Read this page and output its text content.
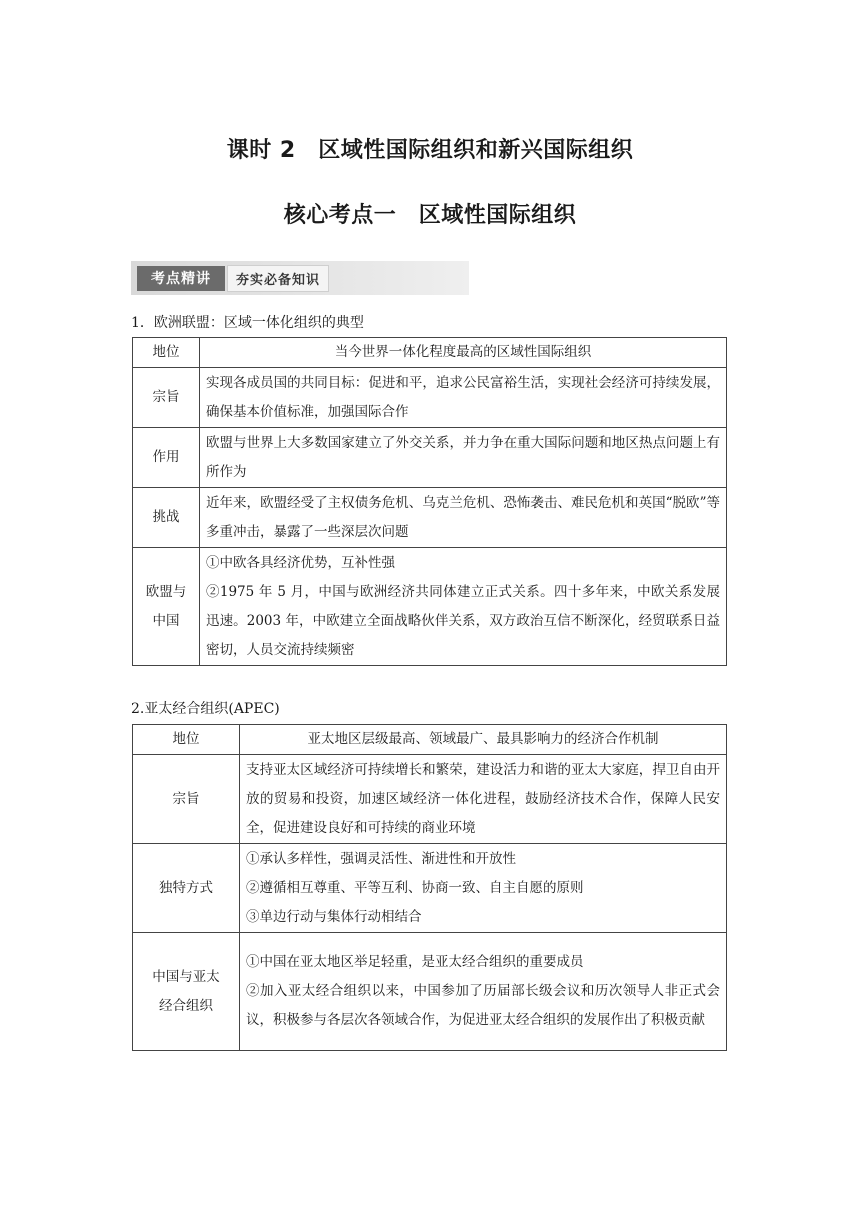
课时 2　区域性国际组织和新兴国际组织
核心考点一　区域性国际组织
考点精讲	夯实必备知识
1．欧洲联盟：区域一体化组织的典型
地位	当今世界一体化程度最高的区域性国际组织
宗旨	实现各成员国的共同目标：促进和平，追求公民富裕生活，实现社会经济可持续发展，确保基本价值标准，加强国际合作
作用	欧盟与世界上大多数国家建立了外交关系，并力争在重大国际问题和地区热点问题上有所作为
挑战	近年来，欧盟经受了主权债务危机、乌克兰危机、恐怖袭击、难民危机和英国“脱欧”等多重冲击，暴露了一些深层次问题

欧盟与
中国	①中欧各具经济优势，互补性强
②1975 年 5 月，中国与欧洲经济共同体建立正式关系。四十多年来，中欧关系发展迅速。2003 年，中欧建立全面战略伙伴关系，双方政治互信不断深化，经贸联系日益密切，人员交流持续频密
2.亚太经合组织(APEC)
地位	亚太地区层级最高、领域最广、最具影响力的经济合作机制
宗旨	支持亚太区域经济可持续增长和繁荣，建设活力和谐的亚太大家庭，捍卫自由开放的贸易和投资，加速区域经济一体化进程，鼓励经济技术合作，保障人民安全，促进建设良好和可持续的商业环境
独特方式	①承认多样性，强调灵活性、渐进性和开放性
②遵循相互尊重、平等互利、协商一致、自主自愿的原则
③单边行动与集体行动相结合

中国与亚太
经合组织	①中国在亚太地区举足轻重，是亚太经合组织的重要成员
②加入亚太经合组织以来，中国参加了历届部长级会议和历次领导人非正式会议，积极参与各层次各领域合作，为促进亚太经合组织的发展作出了积极贡献
